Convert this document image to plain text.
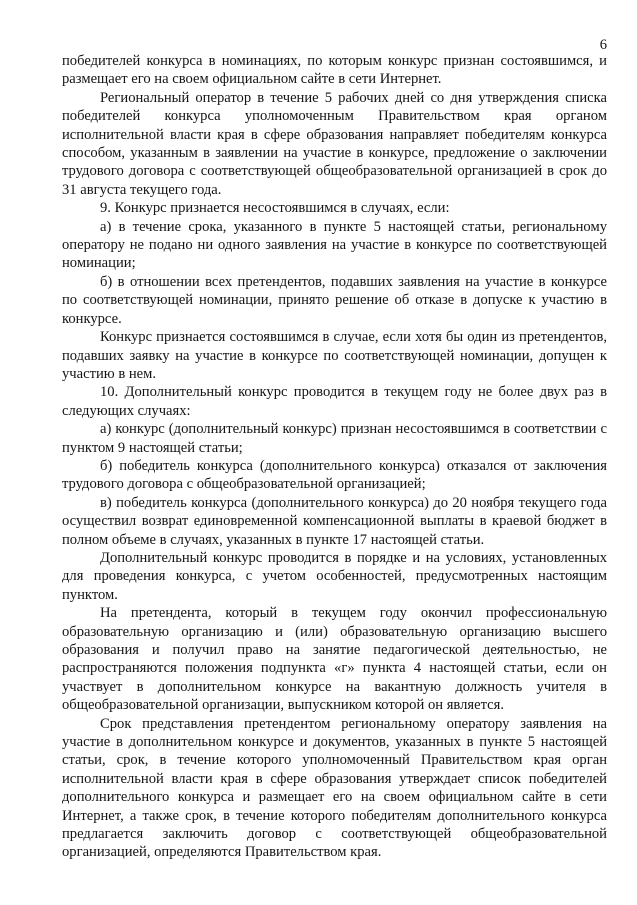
6

победителей конкурса в номинациях, по которым конкурс признан состоявшимся, и размещает его на своем официальном сайте в сети Интернет.

Региональный оператор в течение 5 рабочих дней со дня утверждения списка победителей конкурса уполномоченным Правительством края органом исполнительной власти края в сфере образования направляет победителям конкурса способом, указанным в заявлении на участие в конкурсе, предложение о заключении трудового договора с соответствующей общеобразовательной организацией в срок до 31 августа текущего года.

9. Конкурс признается несостоявшимся в случаях, если:

а) в течение срока, указанного в пункте 5 настоящей статьи, региональному оператору не подано ни одного заявления на участие в конкурсе по соответствующей номинации;

б) в отношении всех претендентов, подавших заявления на участие в конкурсе по соответствующей номинации, принято решение об отказе в допуске к участию в конкурсе.

Конкурс признается состоявшимся в случае, если хотя бы один из претендентов, подавших заявку на участие в конкурсе по соответствующей номинации, допущен к участию в нем.

10. Дополнительный конкурс проводится в текущем году не более двух раз в следующих случаях:

а) конкурс (дополнительный конкурс) признан несостоявшимся в соответствии с пунктом 9 настоящей статьи;

б) победитель конкурса (дополнительного конкурса) отказался от заключения трудового договора с общеобразовательной организацией;

в) победитель конкурса (дополнительного конкурса) до 20 ноября текущего года осуществил возврат единовременной компенсационной выплаты в краевой бюджет в полном объеме в случаях, указанных в пункте 17 настоящей статьи.

Дополнительный конкурс проводится в порядке и на условиях, установленных для проведения конкурса, с учетом особенностей, предусмотренных настоящим пунктом.

На претендента, который в текущем году окончил профессиональную образовательную организацию и (или) образовательную организацию высшего образования и получил право на занятие педагогической деятельностью, не распространяются положения подпункта «г» пункта 4 настоящей статьи, если он участвует в дополнительном конкурсе на вакантную должность учителя в общеобразовательной организации, выпускником которой он является.

Срок представления претендентом региональному оператору заявления на участие в дополнительном конкурсе и документов, указанных в пункте 5 настоящей статьи, срок, в течение которого уполномоченный Правительством края орган исполнительной власти края в сфере образования утверждает список победителей дополнительного конкурса и размещает его на своем официальном сайте в сети Интернет, а также срок, в течение которого победителям дополнительного конкурса предлагается заключить договор с соответствующей общеобразовательной организацией, определяются Правительством края.
